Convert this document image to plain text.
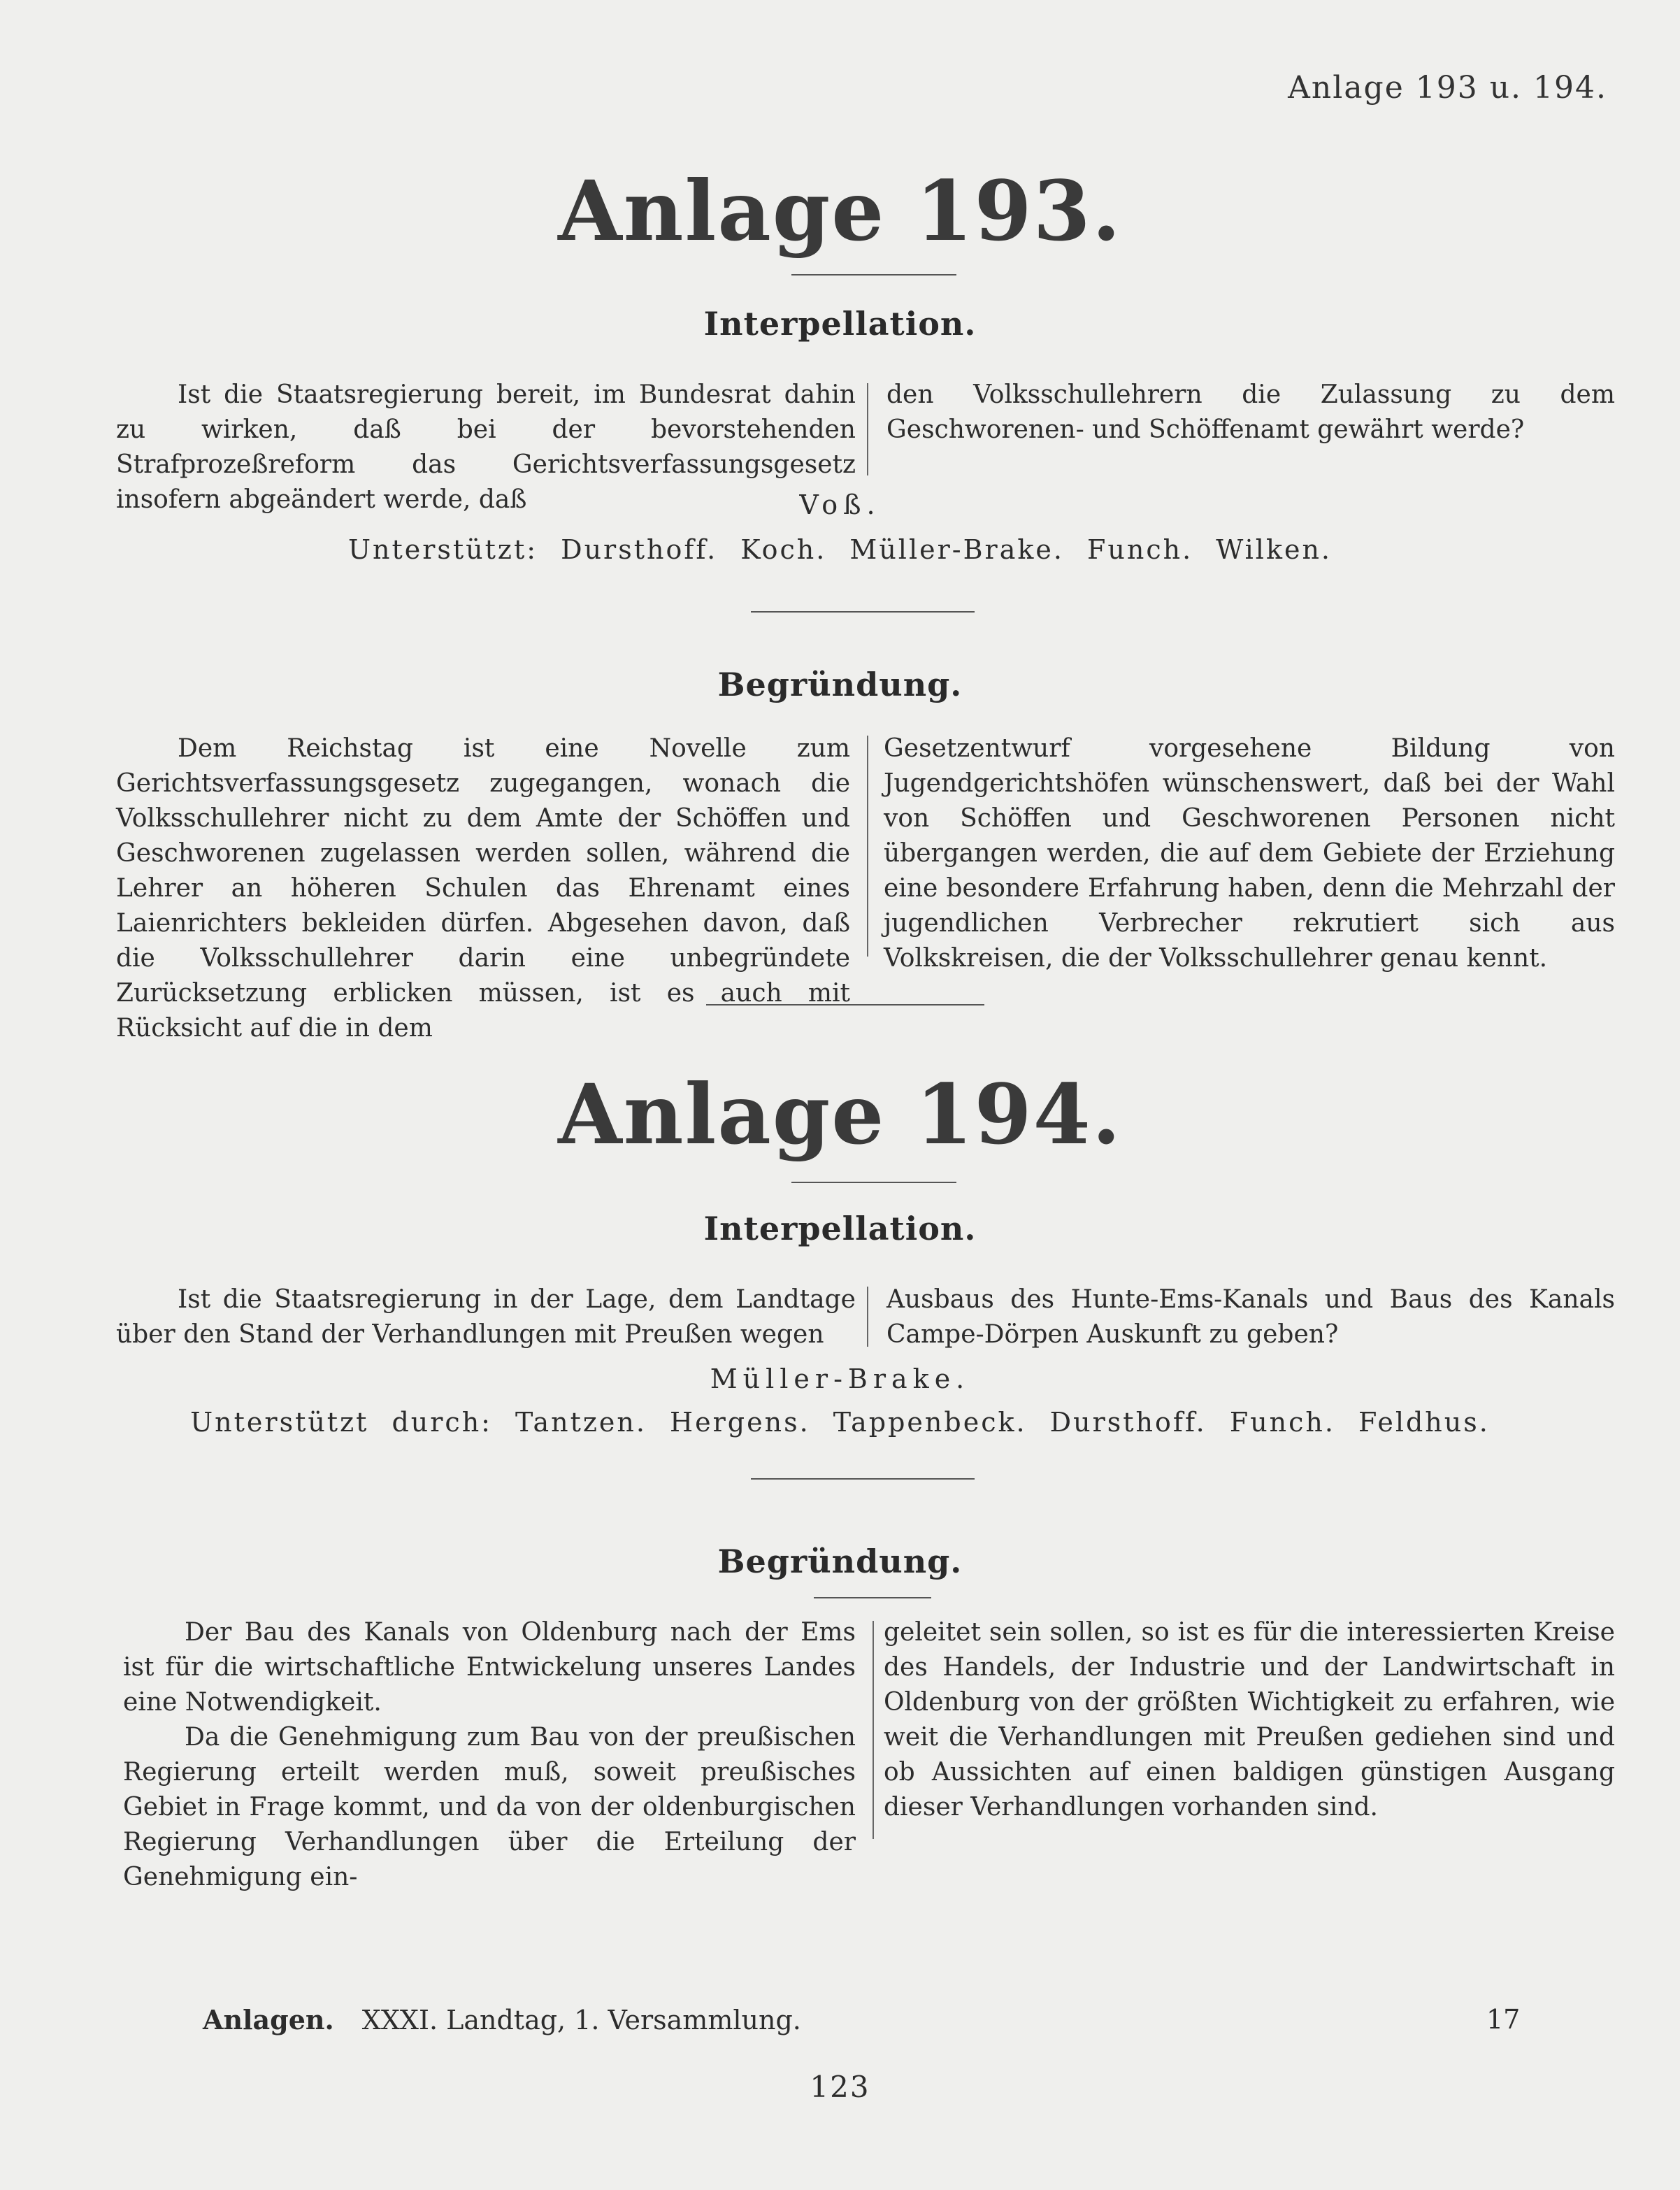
Anlage 193 u. 194.
Anlage 193.
Interpellation.

Ist die Staatsregierung bereit, im Bundesrat dahin zu wirken, daß bei der bevorstehenden Strafprozeßreform das Gerichtsverfassungsgesetz insofern abgeändert werde, daß

den Volksschullehrern die Zulassung zu dem Geschworenen- und Schöffenamt gewährt werde?

Voß.
Unterstützt: Dursthoff. Koch. Müller-Brake. Funch. Wilken.
Begründung.

Dem Reichstag ist eine Novelle zum Gerichtsverfassungsgesetz zugegangen, wonach die Volksschullehrer nicht zu dem Amte der Schöffen und Geschworenen zugelassen werden sollen, während die Lehrer an höheren Schulen das Ehrenamt eines Laienrichters bekleiden dürfen. Abgesehen davon, daß die Volksschullehrer darin eine unbegründete Zurücksetzung erblicken müssen, ist es auch mit Rücksicht auf die in dem

Gesetzentwurf vorgesehene Bildung von Jugendgerichtshöfen wünschenswert, daß bei der Wahl von Schöffen und Geschworenen Personen nicht übergangen werden, die auf dem Gebiete der Erziehung eine besondere Erfahrung haben, denn die Mehrzahl der jugendlichen Verbrecher rekrutiert sich aus Volkskreisen, die der Volksschullehrer genau kennt.

Anlage 194.
Interpellation.

Ist die Staatsregierung in der Lage, dem Landtage über den Stand der Verhandlungen mit Preußen wegen

Ausbaus des Hunte-Ems-Kanals und Baus des Kanals Campe-Dörpen Auskunft zu geben?

Müller-Brake.
Unterstützt durch: Tantzen. Hergens. Tappenbeck. Dursthoff. Funch. Feldhus.
Begründung.

Der Bau des Kanals von Oldenburg nach der Ems ist für die wirtschaftliche Entwickelung unseres Landes eine Notwendigkeit.

Da die Genehmigung zum Bau von der preußischen Regierung erteilt werden muß, soweit preußisches Gebiet in Frage kommt, und da von der oldenburgischen Regierung Verhandlungen über die Erteilung der Genehmigung ein-

geleitet sein sollen, so ist es für die interessierten Kreise des Handels, der Industrie und der Landwirtschaft in Oldenburg von der größten Wichtigkeit zu erfahren, wie weit die Verhandlungen mit Preußen gediehen sind und ob Aussichten auf einen baldigen günstigen Ausgang dieser Verhandlungen vorhanden sind.

Anlagen. XXXI. Landtag, 1. Versammlung.	17
123
